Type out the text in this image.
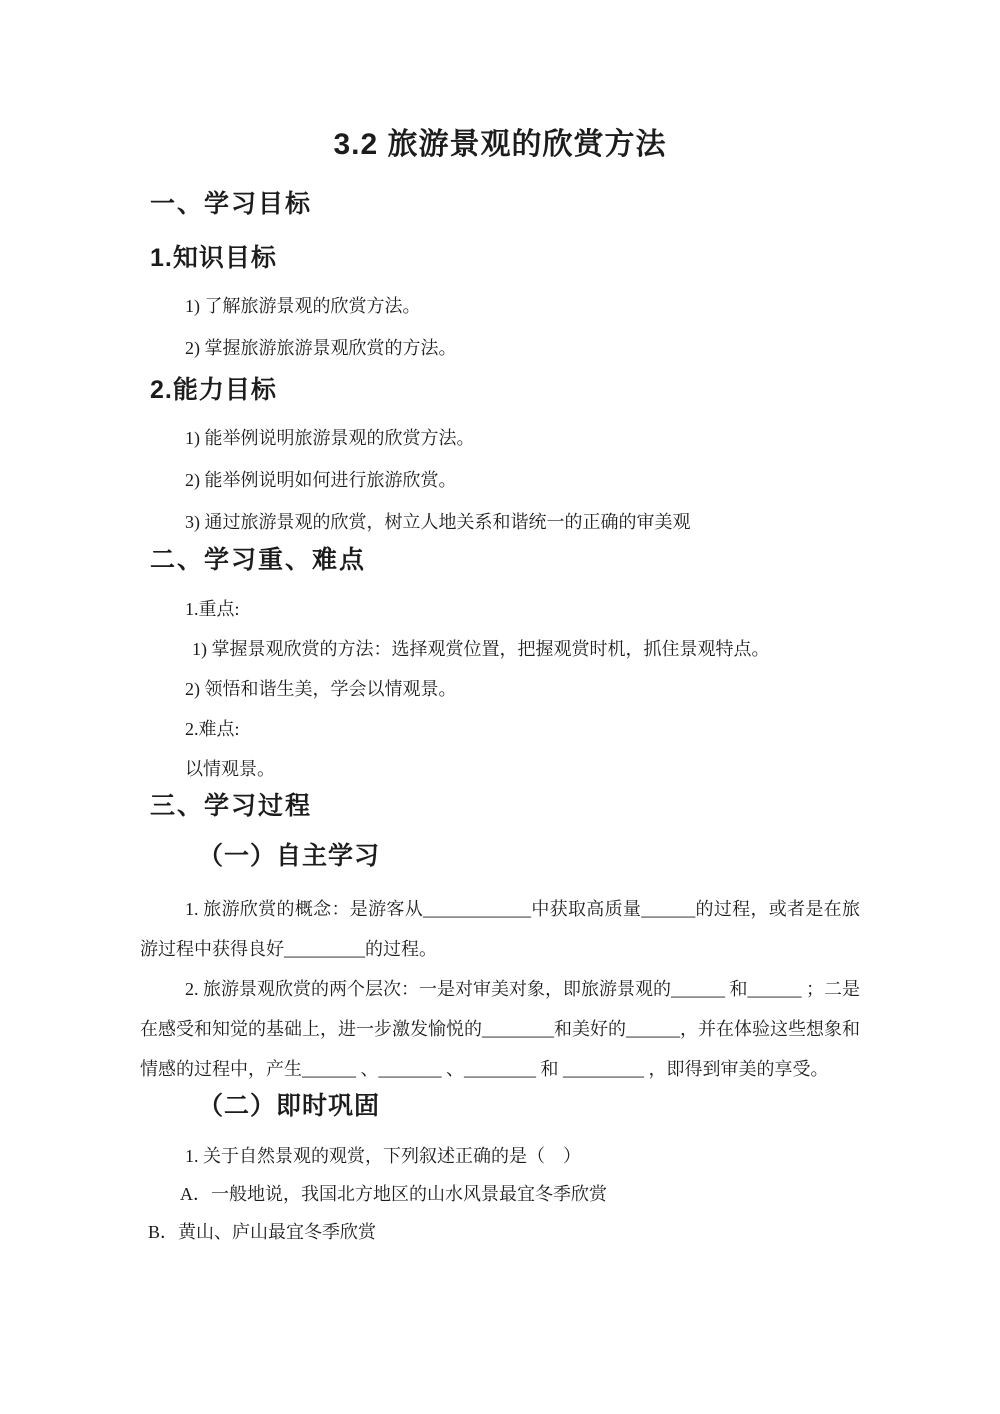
3.2 旅游景观的欣赏方法
一、学习目标
1.知识目标
1) 了解旅游景观的欣赏方法。
2) 掌握旅游旅游景观欣赏的方法。
2.能力目标
1) 能举例说明旅游景观的欣赏方法。
2) 能举例说明如何进行旅游欣赏。
3) 通过旅游景观的欣赏，树立人地关系和谐统一的正确的审美观
二、学习重、难点
1.重点:
1) 掌握景观欣赏的方法：选择观赏位置，把握观赏时机，抓住景观特点。
2) 领悟和谐生美，学会以情观景。
2.难点:
以情观景。
三、学习过程
（一）自主学习

1. 旅游欣赏的概念：是游客从____________中获取高质量______的过程，或者是在旅游过程中获得良好_________的过程。

2. 旅游景观欣赏的两个层次：一是对审美对象，即旅游景观的______ 和______ ；二是在感受和知觉的基础上，进一步激发愉悦的________和美好的______，并在体验这些想象和情感的过程中，产生______ 、_______ 、________ 和 _________ ，即得到审美的享受。

（二）即时巩固
1. 关于自然景观的观赏，下列叙述正确的是（　）
A．一般地说，我国北方地区的山水风景最宜冬季欣赏
B．黄山、庐山最宜冬季欣赏
